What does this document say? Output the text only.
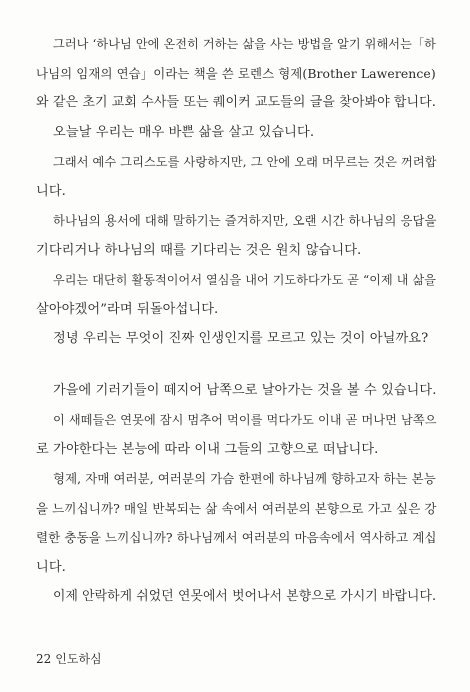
그러나 ‘하나님 안에 온전히 거하는 삶을 사는 방법을 알기 위해서는「하
나님의 임재의 연습」이라는 책을 쓴 로렌스 형제(Brother Lawerence)
와 같은 초기 교회 수사들 또는 퀘이커 교도들의 글을 찾아봐야 합니다.
오늘날 우리는 매우 바쁜 삶을 살고 있습니다.
그래서 예수 그리스도를 사랑하지만, 그 안에 오래 머무르는 것은 꺼려합
니다.
하나님의 용서에 대해 말하기는 즐겨하지만, 오랜 시간 하나님의 응답을
기다리거나 하나님의 때를 기다리는 것은 원치 않습니다.
우리는 대단히 활동적이어서 열심을 내어 기도하다가도 곧 “이제 내 삶을
살아야겠어”라며 뒤돌아섭니다.
정녕 우리는 무엇이 진짜 인생인지를 모르고 있는 것이 아닐까요?
가을에 기러기들이 떼지어 남쪽으로 날아가는 것을 볼 수 있습니다.
이 새떼들은 연못에 잠시 멈추어 먹이를 먹다가도 이내 곧 머나먼 남쪽으
로 가야한다는 본능에 따라 이내 그들의 고향으로 떠납니다.
형제, 자매 여러분, 여러분의 가슴 한편에 하나님께 향하고자 하는 본능
을 느끼십니까? 매일 반복되는 삶 속에서 여러분의 본향으로 가고 싶은 강
렬한 충동을 느끼십니까? 하나님께서 여러분의 마음속에서 역사하고 계십
니다.
이제 안락하게 쉬었던 연못에서 벗어나서 본향으로 가시기 바랍니다.
22 인도하심
